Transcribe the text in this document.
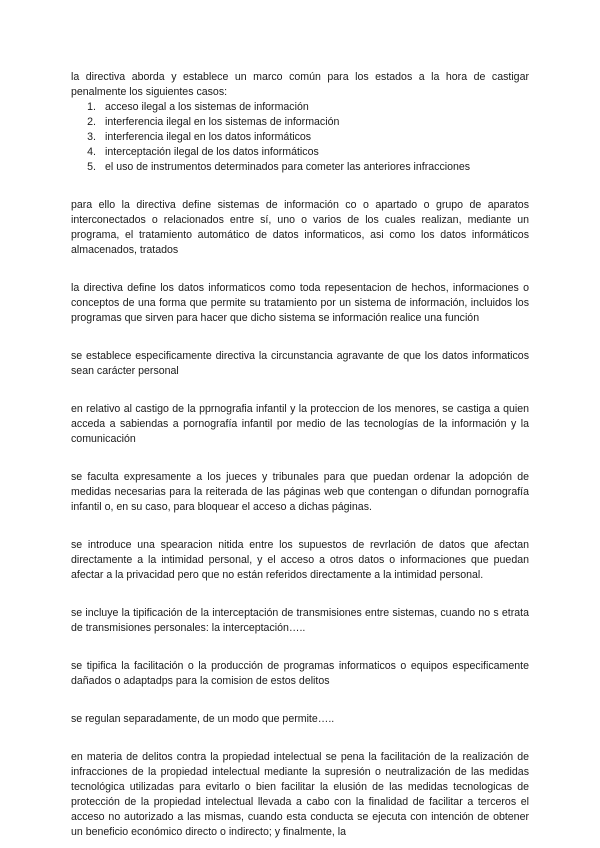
la directiva aborda y establece un marco común para los estados a la hora de castigar penalmente los siguientes casos:

1. acceso ilegal a los sistemas de información
2. interferencia ilegal en los sistemas de información
3. interferencia ilegal en los datos informáticos
4. interceptación ilegal de los datos informáticos
5. el uso de instrumentos determinados para cometer las anteriores infracciones

para ello la directiva define sistemas de información co o apartado o grupo de aparatos interconectados o relacionados entre sí, uno o varios de los cuales realizan, mediante un programa, el tratamiento automático de datos informaticos, asi como los datos informáticos almacenados, tratados

la directiva define los datos informaticos como toda repesentacion de hechos, informaciones o conceptos de una forma que permite su tratamiento por un sistema de información, incluidos los programas que sirven para hacer que dicho sistema se información realice una función

se establece especificamente directiva la circunstancia agravante de que los datos informaticos sean carácter personal

en relativo al castigo de la pprnografia infantil y la proteccion de los menores, se castiga a quien acceda a sabiendas a pornografía infantil por medio de las tecnologías de la información y la comunicación

se faculta expresamente a los jueces y tribunales para que puedan ordenar la adopción de medidas necesarias para la reiterada de las páginas web que contengan o difundan pornografía infantil o, en su caso, para bloquear el acceso a dichas páginas.

se introduce una spearacion nitida entre los supuestos de revrlación de datos que afectan directamente a la intimidad personal, y el acceso a otros datos o informaciones que puedan afectar a la privacidad pero que no están referidos directamente a la intimidad personal.

se incluye la tipificación de la interceptación de transmisiones entre sistemas, cuando no s etrata de transmisiones personales: la interceptación…..

se tipifica la facilitación o la producción de programas informaticos o equipos especificamente dañados o adaptadps para la comision de estos delitos

se regulan separadamente, de un modo que permite…..

en materia de delitos contra la propiedad intelectual se pena la facilitación de la realización de infracciones de la propiedad intelectual mediante la supresión o neutralización de las medidas tecnológica utilizadas para evitarlo o bien facilitar la elusión de las medidas tecnologicas de protección de la propiedad intelectual llevada a cabo con la finalidad de facilitar a terceros el acceso no autorizado a las mismas, cuando esta conducta se ejecuta con intención de obtener un beneficio económico directo o indirecto; y finalmente, la
